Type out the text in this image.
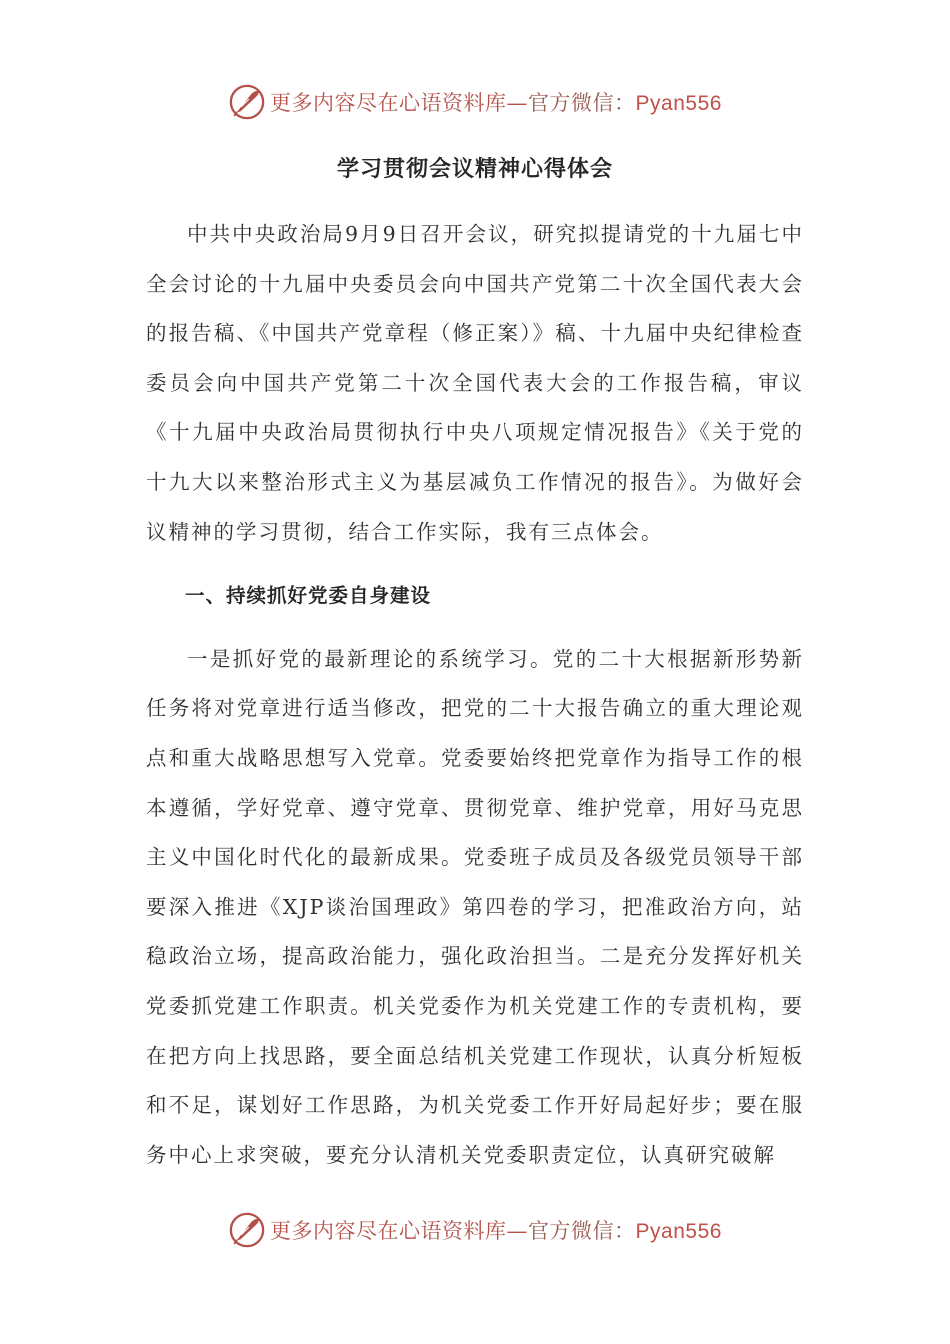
更多内容尽在心语资料库—官方微信：Pyan556
学习贯彻会议精神心得体会

中共中央政治局9月9日召开会议，研究拟提请党的十九届七中全会讨论的十九届中央委员会向中国共产党第二十次全国代表大会的报告稿、《中国共产党章程（修正案）》稿、十九届中央纪律检查委员会向中国共产党第二十次全国代表大会的工作报告稿，审议《十九届中央政治局贯彻执行中央八项规定情况报告》《关于党的十九大以来整治形式主义为基层减负工作情况的报告》。为做好会议精神的学习贯彻，结合工作实际，我有三点体会。

一、持续抓好党委自身建设

一是抓好党的最新理论的系统学习。党的二十大根据新形势新任务将对党章进行适当修改，把党的二十大报告确立的重大理论观点和重大战略思想写入党章。党委要始终把党章作为指导工作的根本遵循，学好党章、遵守党章、贯彻党章、维护党章，用好马克思主义中国化时代化的最新成果。党委班子成员及各级党员领导干部要深入推进《XJP谈治国理政》第四卷的学习，把准政治方向，站稳政治立场，提高政治能力，强化政治担当。二是充分发挥好机关党委抓党建工作职责。机关党委作为机关党建工作的专责机构，要在把方向上找思路，要全面总结机关党建工作现状，认真分析短板和不足，谋划好工作思路，为机关党委工作开好局起好步；要在服务中心上求突破，要充分认清机关党委职责定位，认真研究破解

更多内容尽在心语资料库—官方微信：Pyan556
